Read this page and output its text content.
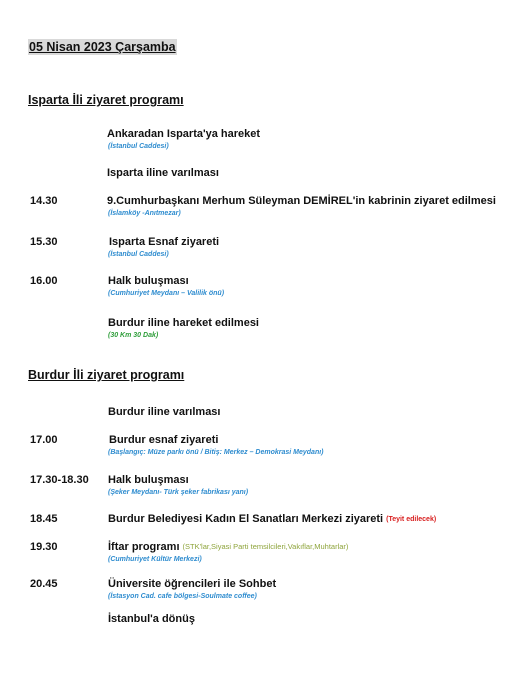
05 Nisan 2023 Çarşamba
Isparta İli ziyaret programı
Ankaradan Isparta'ya hareket
(İstanbul Caddesi)
Isparta iline varılması
14.30	9.Cumhurbaşkanı Merhum Süleyman DEMİREL'in kabrinin ziyaret edilmesi
(İslamköy -Anıtmezar)
15.30	Isparta Esnaf ziyareti
(İstanbul Caddesi)
16.00	Halk buluşması
(Cumhuriyet Meydanı – Valilik önü)
Burdur iline hareket edilmesi
(30 Km 30 Dak)
Burdur İli ziyaret programı
Burdur iline varılması
17.00	Burdur esnaf ziyareti
(Başlangıç: Müze parkı önü / Bitiş: Merkez – Demokrasi Meydanı)
17.30-18.30 Halk buluşması
(Şeker Meydanı- Türk şeker fabrikası yanı)
18.45	Burdur Belediyesi Kadın El Sanatları Merkezi ziyareti (Teyit edilecek)
19.30	İftar programı (STK'lar,Siyasi Parti temsilcileri,Vakıflar,Muhtarlar)
(Cumhuriyet Kültür Merkezi)
20.45	Üniversite öğrencileri ile Sohbet
(İstasyon Cad. cafe bölgesi-Soulmate coffee)
İstanbul'a dönüş
